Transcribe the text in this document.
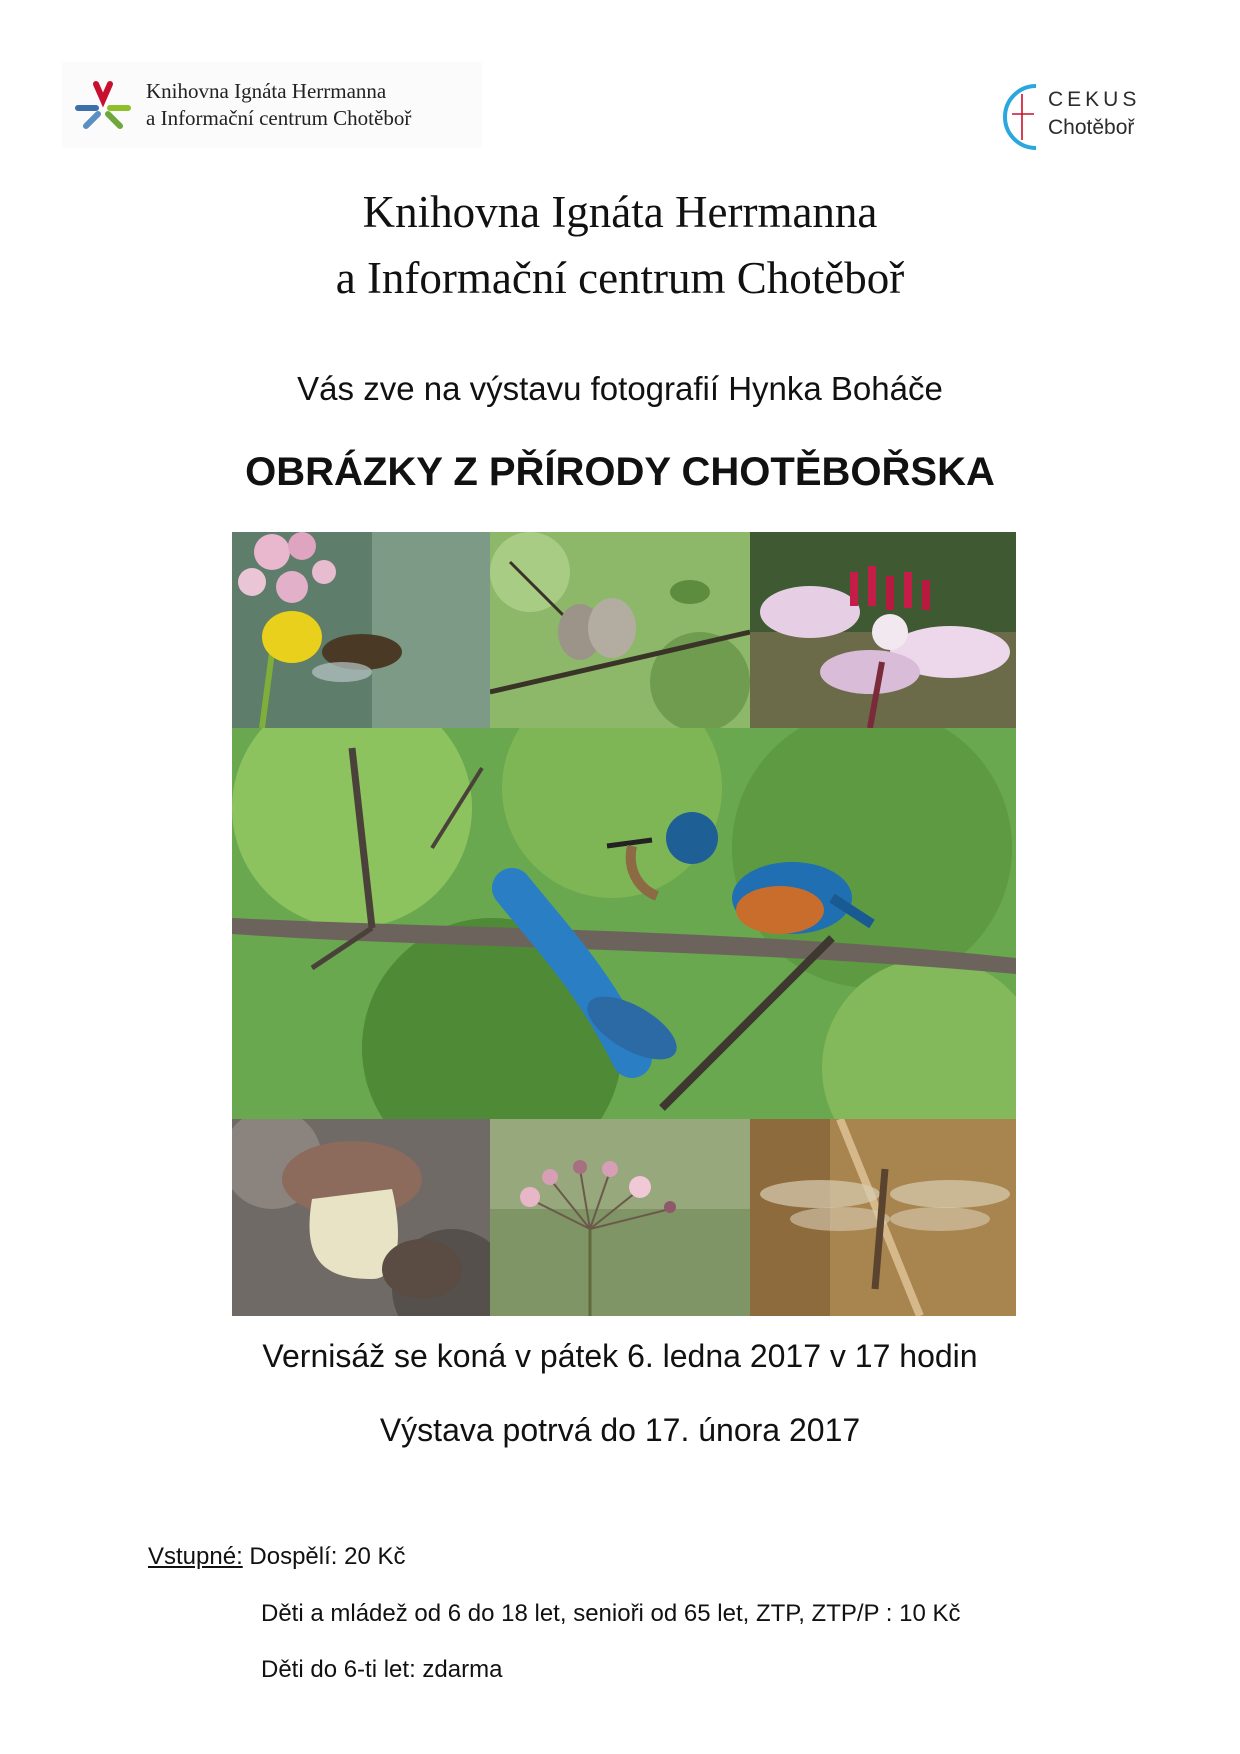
Knihovna Ignáta Herrmanna
a Informační centrum Chotěboř
CEKUS
Chotěboř
Knihovna Ignáta Herrmanna
a Informační centrum Chotěboř
Vás zve na výstavu fotografií Hynka Boháče
OBRÁZKY Z PŘÍRODY CHOTĚBOŘSKA
Vernisáž se koná v pátek 6. ledna 2017 v 17 hodin
Výstava potrvá do 17. února 2017
Vstupné: Dospělí: 20 Kč
Děti a mládež od 6 do 18 let, senioři od 65 let, ZTP, ZTP/P : 10 Kč
Děti do 6-ti let: zdarma
